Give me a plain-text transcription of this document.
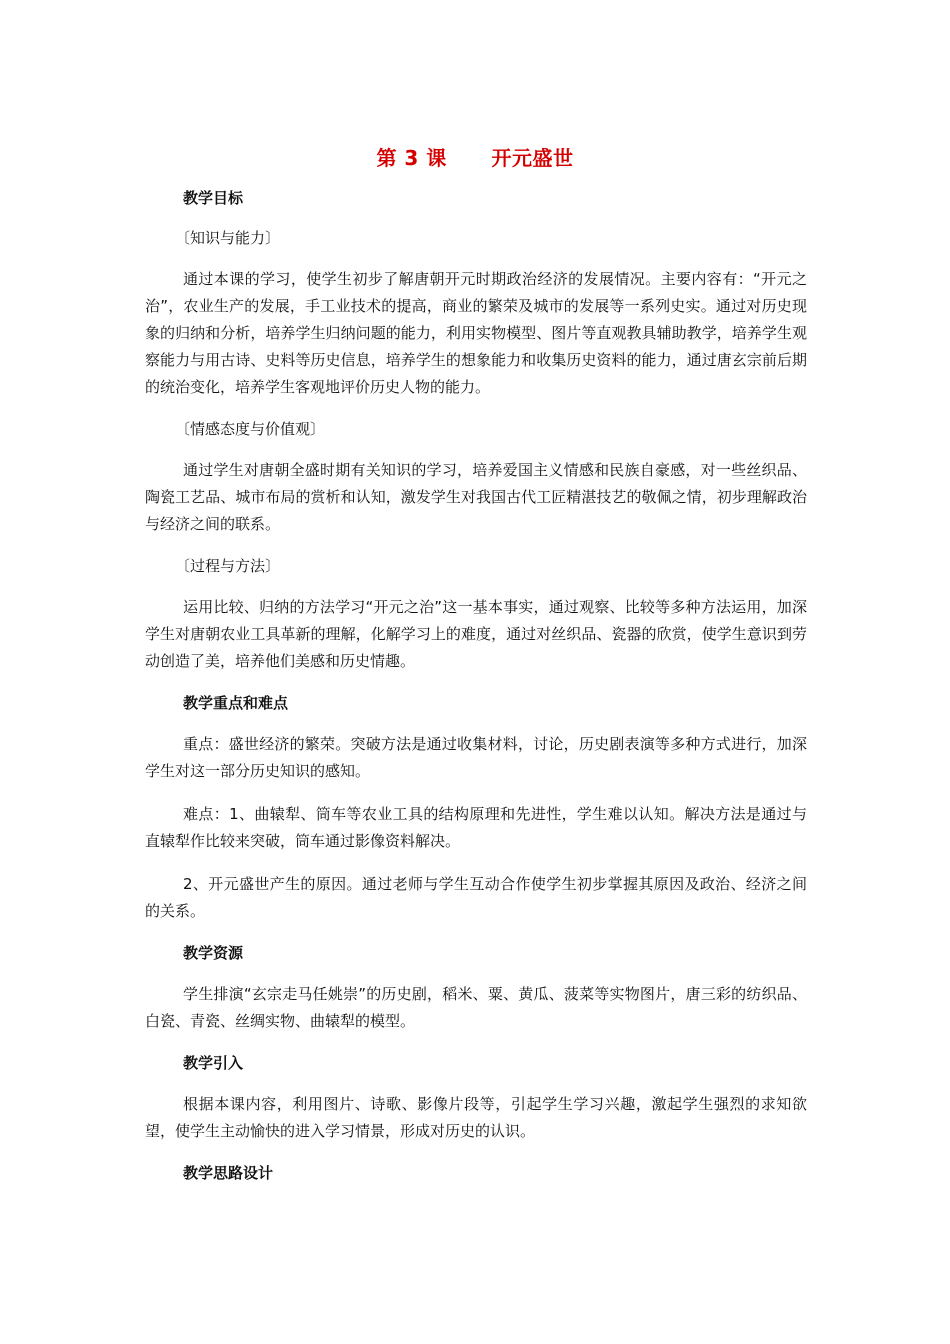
第 3 课      开元盛世

教学目标

〔知识与能力〕

通过本课的学习，使学生初步了解唐朝开元时期政治经济的发展情况。主要内容有：“开元之治”，农业生产的发展，手工业技术的提高，商业的繁荣及城市的发展等一系列史实。通过对历史现象的归纳和分析，培养学生归纳问题的能力，利用实物模型、图片等直观教具辅助教学，培养学生观察能力与用古诗、史料等历史信息，培养学生的想象能力和收集历史资料的能力，通过唐玄宗前后期的统治变化，培养学生客观地评价历史人物的能力。

〔情感态度与价值观〕

通过学生对唐朝全盛时期有关知识的学习，培养爱国主义情感和民族自豪感，对一些丝织品、陶瓷工艺品、城市布局的赏析和认知，激发学生对我国古代工匠精湛技艺的敬佩之情，初步理解政治与经济之间的联系。

〔过程与方法〕

运用比较、归纳的方法学习“开元之治”这一基本事实，通过观察、比较等多种方法运用，加深学生对唐朝农业工具革新的理解，化解学习上的难度，通过对丝织品、瓷器的欣赏，使学生意识到劳动创造了美，培养他们美感和历史情趣。

教学重点和难点

重点：盛世经济的繁荣。突破方法是通过收集材料，讨论，历史剧表演等多种方式进行，加深学生对这一部分历史知识的感知。

难点：1、曲辕犁、筒车等农业工具的结构原理和先进性，学生难以认知。解决方法是通过与直辕犁作比较来突破，筒车通过影像资料解决。

2、开元盛世产生的原因。通过老师与学生互动合作使学生初步掌握其原因及政治、经济之间的关系。

教学资源

学生排演“玄宗走马任姚崇”的历史剧，稻米、粟、黄瓜、菠菜等实物图片，唐三彩的纺织品、白瓷、青瓷、丝绸实物、曲辕犁的模型。

教学引入

根据本课内容，利用图片、诗歌、影像片段等，引起学生学习兴趣，激起学生强烈的求知欲望，使学生主动愉快的进入学习情景，形成对历史的认识。

教学思路设计
